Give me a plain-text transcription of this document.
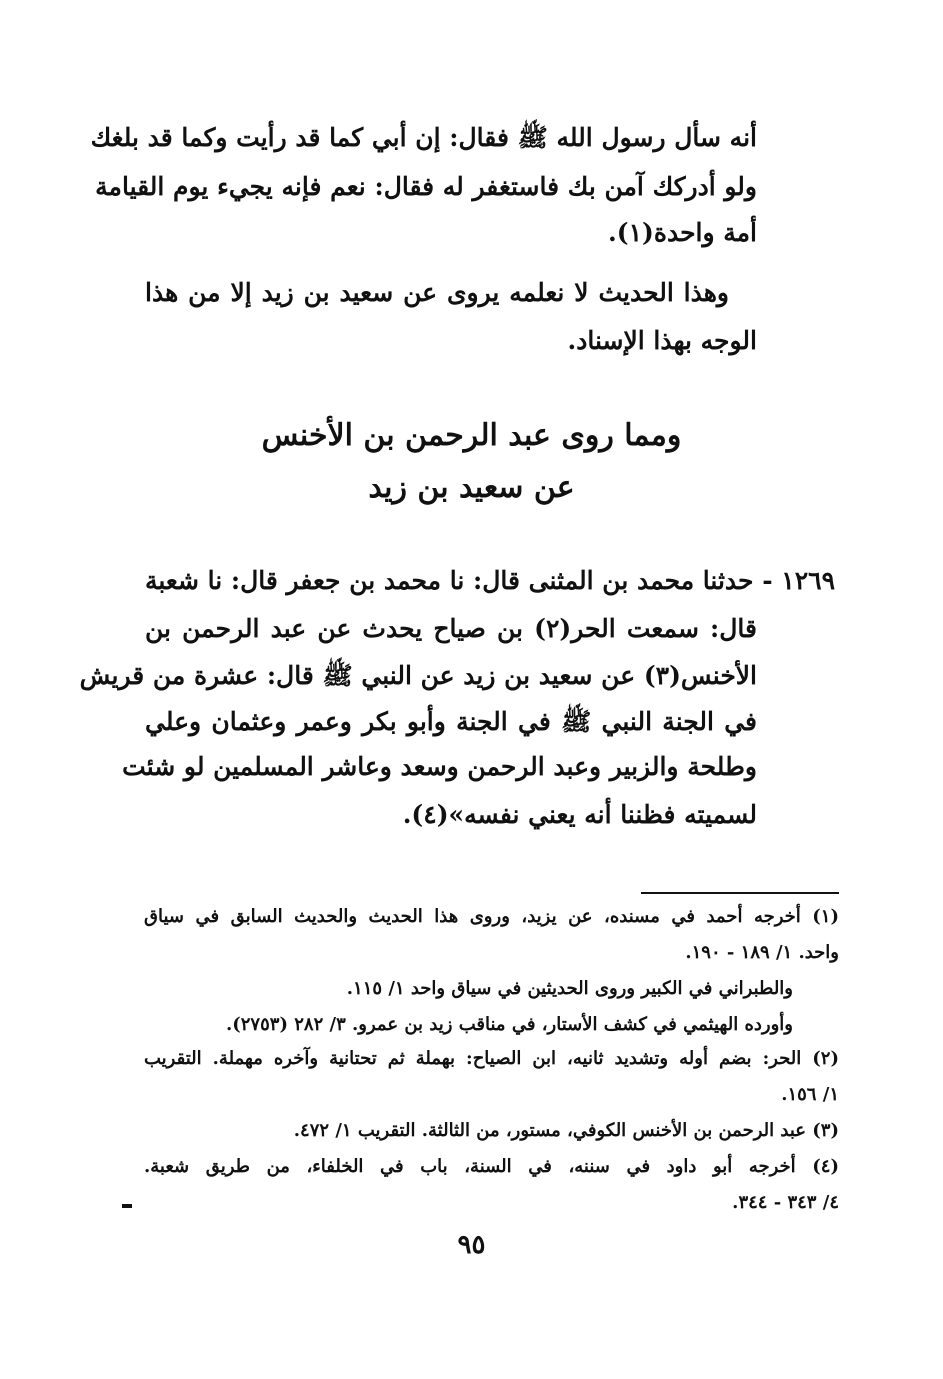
أنه سأل رسول الله ﷺ فقال: إن أبي كما قد رأيت وكما قد بلغك
ولو أدركك آمن بك فاستغفر له فقال: نعم فإنه يجيء يوم القيامة
أمة واحدة(١).
وهذا الحديث لا نعلمه يروى عن سعيد بن زيد إلا من هذا
الوجه بهذا الإسناد.
ومما روى عبد الرحمن بن الأخنس
عن سعيد بن زيد
١٢٦٩ - حدثنا محمد بن المثنى قال: نا محمد بن جعفر قال: نا شعبة
قال: سمعت الحر(٢) بن صياح يحدث عن عبد الرحمن بن
الأخنس(٣) عن سعيد بن زيد عن النبي ﷺ قال: عشرة من قريش
في الجنة النبي ﷺ في الجنة وأبو بكر وعمر وعثمان وعلي
وطلحة والزبير وعبد الرحمن وسعد وعاشر المسلمين لو شئت
لسميته فظننا أنه يعني نفسه»(٤).
(١) أخرجه أحمد في مسنده، عن يزيد، وروى هذا الحديث والحديث السابق في سياق
واحد. ١/ ١٨٩ - ١٩٠.
والطبراني في الكبير وروى الحديثين في سياق واحد ١/ ١١٥.
وأورده الهيثمي في كشف الأستار، في مناقب زيد بن عمرو. ٣/ ٢٨٢ (٢٧٥٣).
(٢) الحر: بضم أوله وتشديد ثانيه، ابن الصياح: بهملة ثم تحتانية وآخره مهملة. التقريب
١/ ١٥٦.
(٣) عبد الرحمن بن الأخنس الكوفي، مستور، من الثالثة. التقريب ١/ ٤٧٢.
(٤) أخرجه أبو داود في سننه، في السنة، باب في الخلفاء، من طريق شعبة.
٤/ ٣٤٣ - ٣٤٤.
٩٥
